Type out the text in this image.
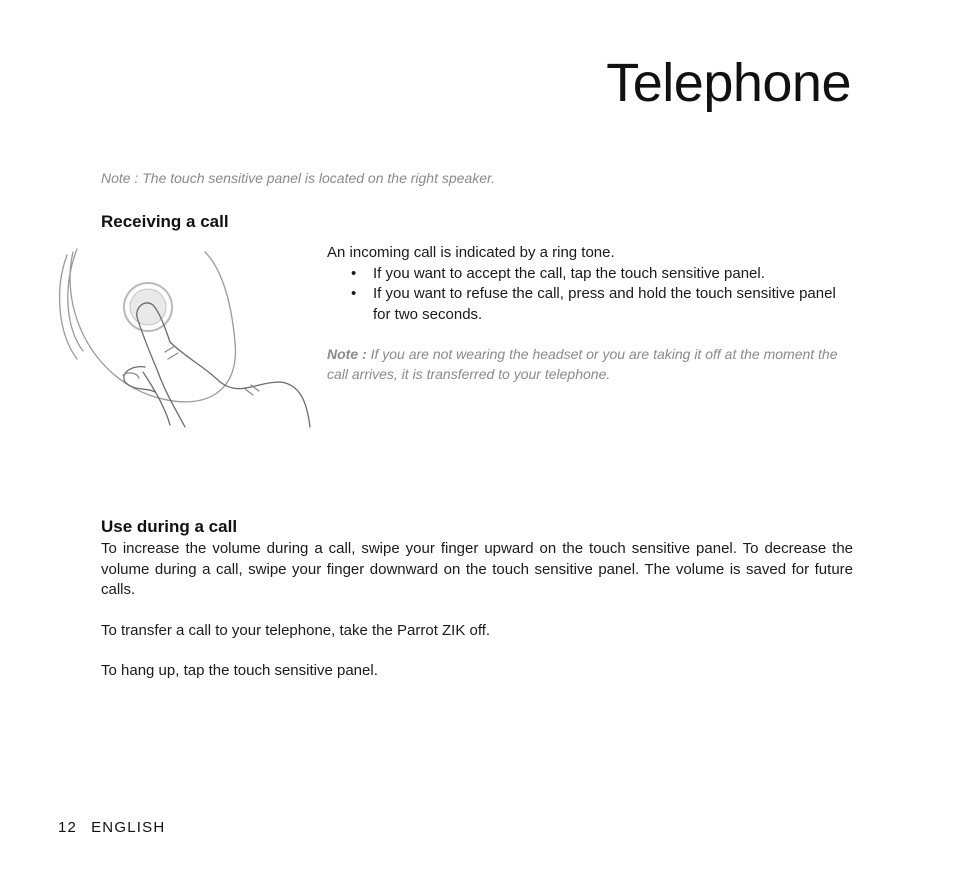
Telephone
Note : The touch sensitive panel is located on the right speaker.
Receiving a call

An incoming call is indicated by a ring tone.

• If you want to accept the call, tap the touch sensitive panel.
• If you want to refuse the call, press and hold the touch sensitive panel for two seconds.
Note : If you are not wearing the headset or you are taking it off at the moment the call arrives, it is transferred to your telephone.
Use during a call

To increase the volume during a call, swipe your finger upward on the touch sensitive panel. To decrease the volume during a call, swipe your finger downward on the touch sensitive panel. The volume is saved for future calls.

To transfer a call to your telephone, take the Parrot ZIK off.

To hang up, tap the touch sensitive panel.

12 ENGLISH
